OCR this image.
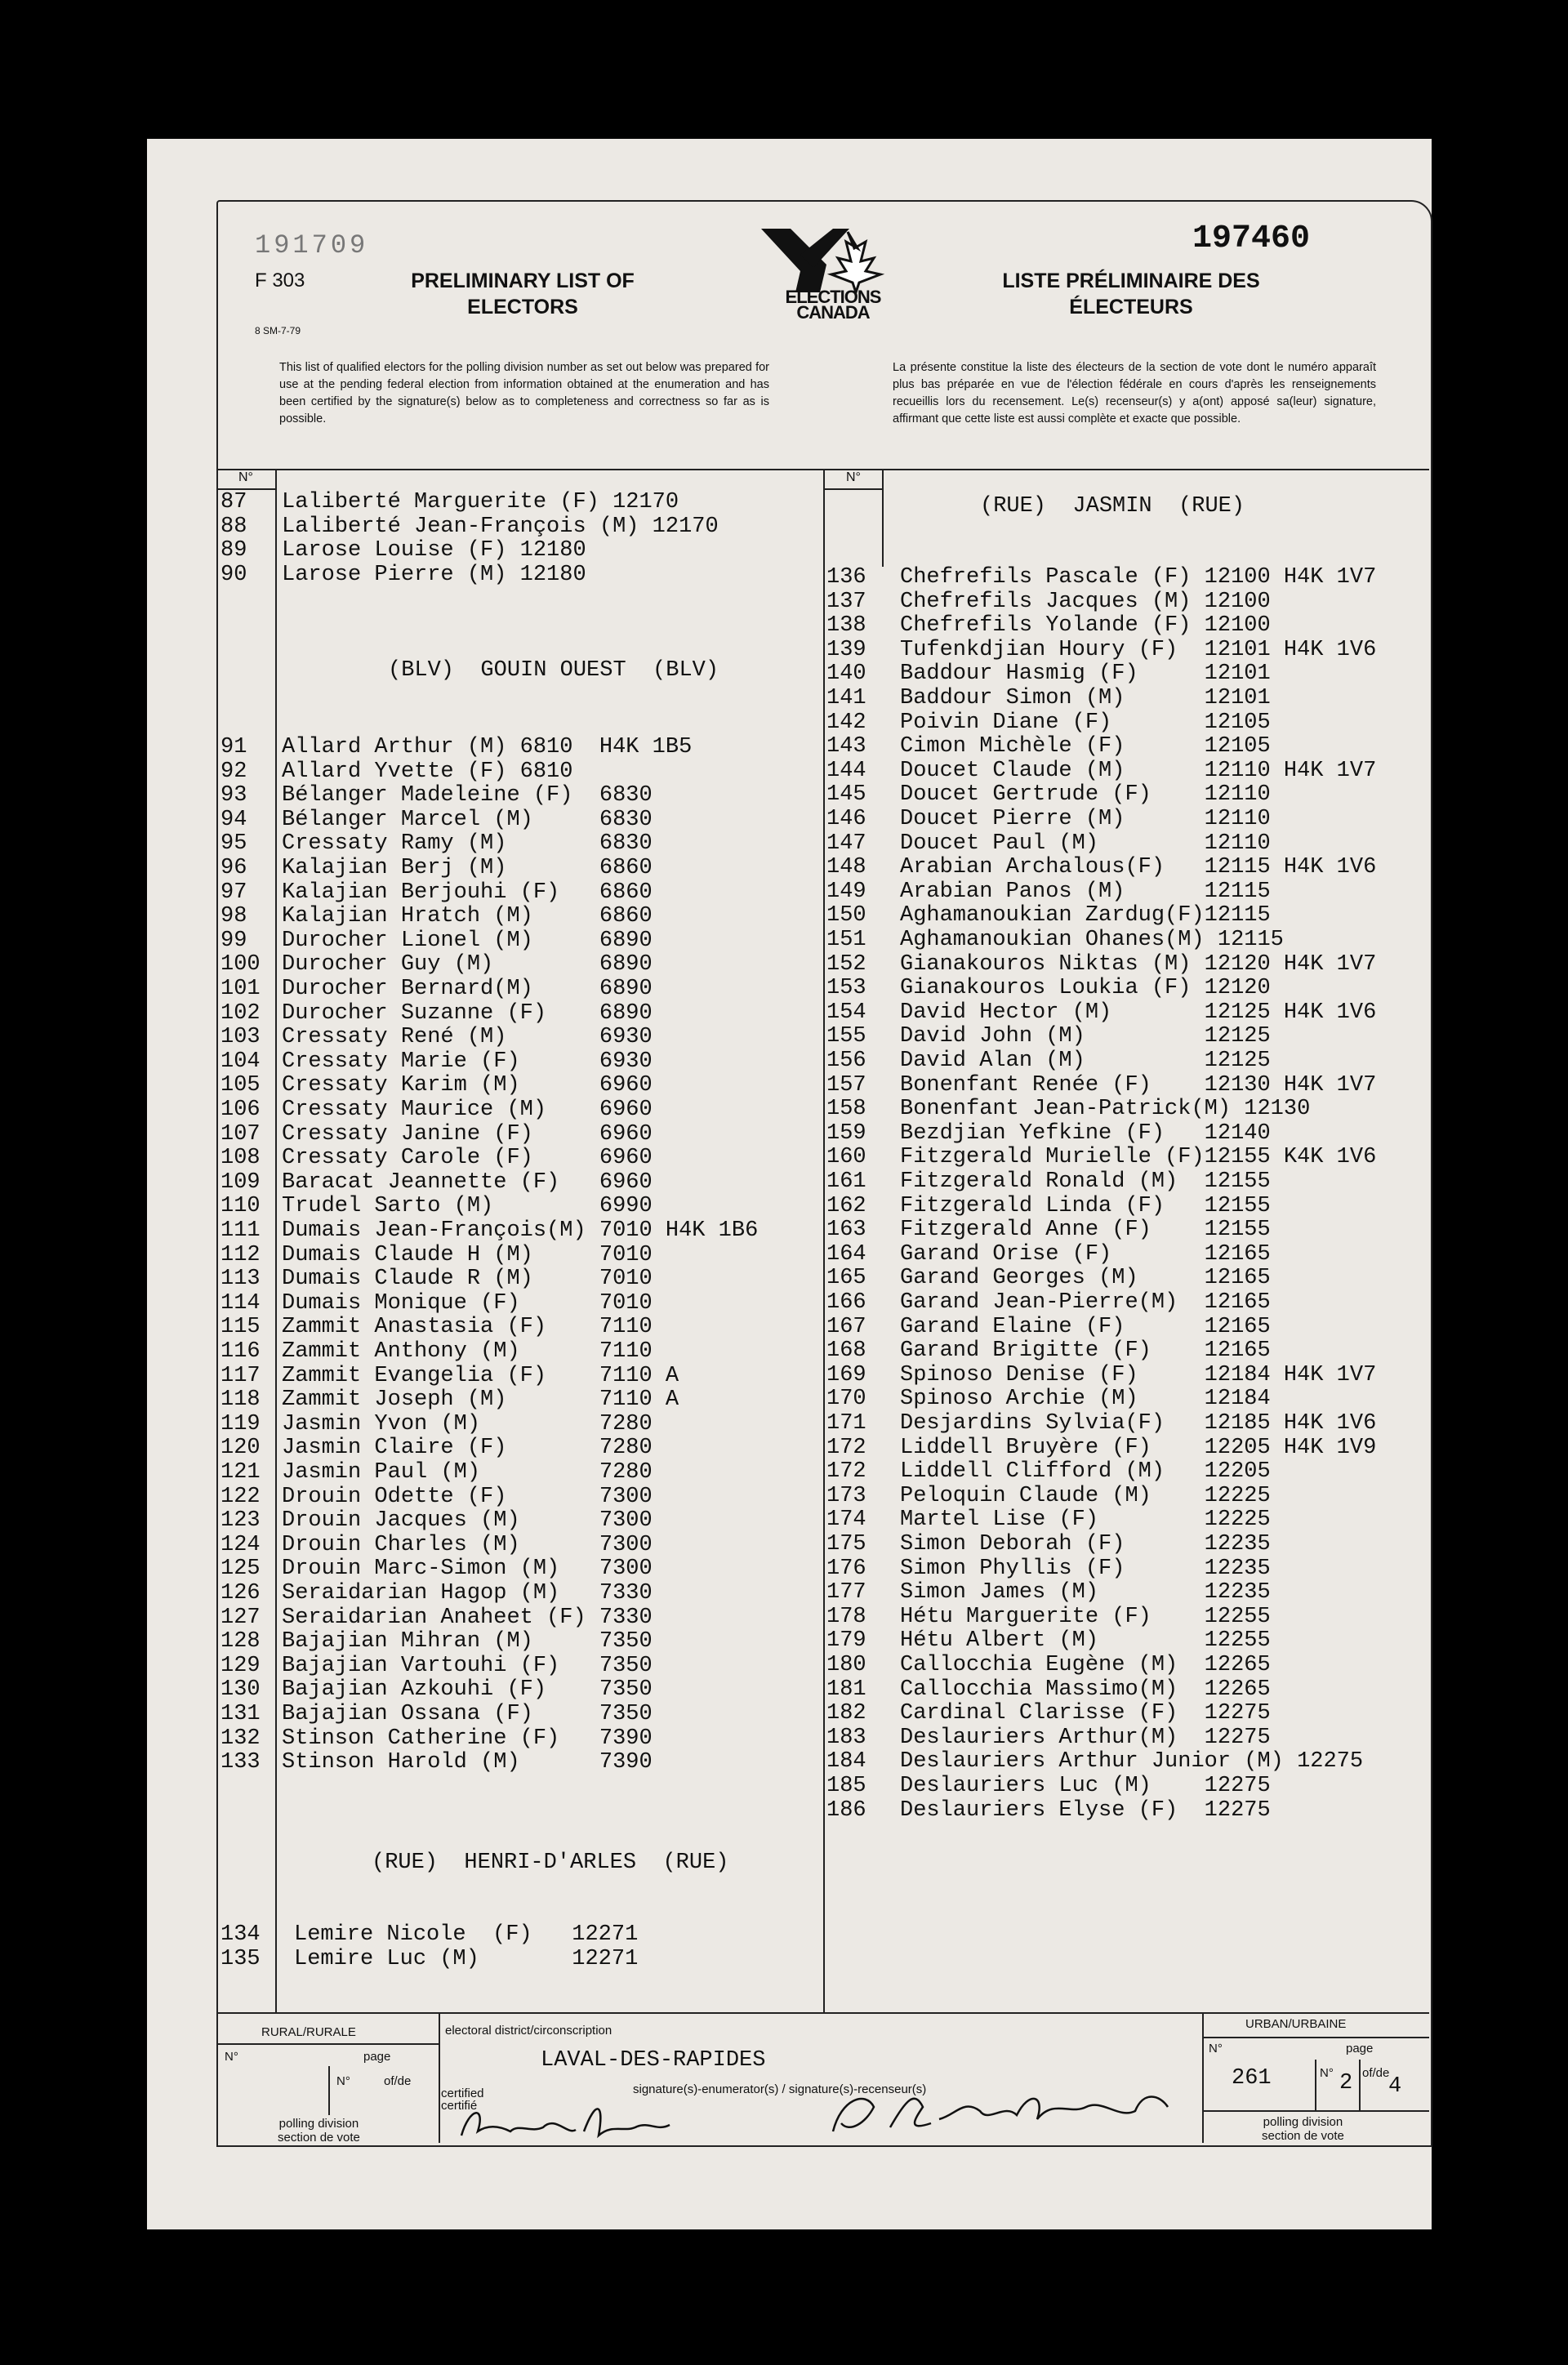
191709
F 303
8 SM-7-79
PRELIMINARY LIST OF
ELECTORS	ELECTIONS
CANADA
LISTE PRÉLIMINAIRE DES
ÉLECTEURS
197460
This list of qualified electors for the polling division number as set out below was prepared for use at the pending federal election from information obtained at the enumeration and has been certified by the signature(s) below as to completeness and correctness so far as is possible.
La présente constitue la liste des électeurs de la section de vote dont le numéro apparaît plus bas préparée en vue de l'élection fédérale en cours d'après les renseignements recueillis lors du recensement. Le(s) recenseur(s) y a(ont) apposé sa(leur) signature, affirmant que cette liste est aussi complète et exacte que possible.
N°	N°
87	Laliberté Marguerite (F) 12170
88	Laliberté Jean-François (M) 12170
89	Larose Louise (F) 12180
90	Larose Pierre (M) 12180
(BLV)  GOUIN OUEST  (BLV)
91	Allard Arthur (M) 6810  H4K 1B5
92	Allard Yvette (F) 6810
93	Bélanger Madeleine (F)  6830
94	Bélanger Marcel (M)     6830
95	Cressaty Ramy (M)       6830
96	Kalajian Berj (M)       6860
97	Kalajian Berjouhi (F)   6860
98	Kalajian Hratch (M)     6860
99	Durocher Lionel (M)     6890
100 Durocher Guy (M)        6890
101 Durocher Bernard(M)     6890
102 Durocher Suzanne (F)    6890
103 Cressaty René (M)       6930
104 Cressaty Marie (F)      6930
105 Cressaty Karim (M)      6960
106 Cressaty Maurice (M)    6960
107 Cressaty Janine (F)     6960
108 Cressaty Carole (F)     6960
109 Baracat Jeannette (F)   6960
110 Trudel Sarto (M)        6990
111 Dumais Jean-François(M) 7010 H4K 1B6
112 Dumais Claude H (M)     7010
113 Dumais Claude R (M)     7010
114 Dumais Monique (F)      7010
115 Zammit Anastasia (F)    7110
116 Zammit Anthony (M)      7110
117 Zammit Evangelia (F)    7110 A
118 Zammit Joseph (M)       7110 A
119 Jasmin Yvon (M)         7280
120 Jasmin Claire (F)       7280
121 Jasmin Paul (M)         7280
122 Drouin Odette (F)       7300
123 Drouin Jacques (M)      7300
124 Drouin Charles (M)      7300
125 Drouin Marc-Simon (M)   7300
126 Seraidarian Hagop (M)   7330
127 Seraidarian Anaheet (F) 7330
128 Bajajian Mihran (M)     7350
129 Bajajian Vartouhi (F)   7350
130 Bajajian Azkouhi (F)    7350
131 Bajajian Ossana (F)     7350
132 Stinson Catherine (F)   7390
133 Stinson Harold (M)      7390
(RUE)  HENRI-D'ARLES  (RUE)
134	Lemire Nicole  (F)   12271
135	Lemire Luc (M)       12271
(RUE)  JASMIN  (RUE)
136	Chefrefils Pascale (F) 12100 H4K 1V7
137	Chefrefils Jacques (M) 12100
138	Chefrefils Yolande (F) 12100
139	Tufenkdjian Houry (F)  12101 H4K 1V6
140	Baddour Hasmig (F)     12101
141	Baddour Simon (M)      12101
142	Poivin Diane (F)       12105
143	Cimon Michèle (F)      12105
144	Doucet Claude (M)      12110 H4K 1V7
145	Doucet Gertrude (F)    12110
146	Doucet Pierre (M)      12110
147	Doucet Paul (M)        12110
148	Arabian Archalous(F)   12115 H4K 1V6
149	Arabian Panos (M)      12115
150	Aghamanoukian Zardug(F)12115
151	Aghamanoukian Ohanes(M) 12115
152	Gianakouros Niktas (M) 12120 H4K 1V7
153	Gianakouros Loukia (F) 12120
154	David Hector (M)       12125 H4K 1V6
155	David John (M)         12125
156	David Alan (M)         12125
157	Bonenfant Renée (F)    12130 H4K 1V7
158	Bonenfant Jean-Patrick(M) 12130
159	Bezdjian Yefkine (F)   12140
160	Fitzgerald Murielle (F)12155 K4K 1V6
161	Fitzgerald Ronald (M)  12155
162	Fitzgerald Linda (F)   12155
163	Fitzgerald Anne (F)    12155
164	Garand Orise (F)       12165
165	Garand Georges (M)     12165
166	Garand Jean-Pierre(M)  12165
167	Garand Elaine (F)      12165
168	Garand Brigitte (F)    12165
169	Spinoso Denise (F)     12184 H4K 1V7
170	Spinoso Archie (M)     12184
171	Desjardins Sylvia(F)   12185 H4K 1V6
172	Liddell Bruyère (F)    12205 H4K 1V9
172	Liddell Clifford (M)   12205
173	Peloquin Claude (M)    12225
174	Martel Lise (F)        12225
175	Simon Deborah (F)      12235
176	Simon Phyllis (F)      12235
177	Simon James (M)        12235
178	Hétu Marguerite (F)    12255
179	Hétu Albert (M)        12255
180	Callocchia Eugène (M)  12265
181	Callocchia Massimo(M)  12265
182	Cardinal Clarisse (F)  12275
183	Deslauriers Arthur(M)  12275
184	Deslauriers Arthur Junior (M) 12275
185	Deslauriers Luc (M)    12275
186	Deslauriers Elyse (F)  12275
RURAL/RURALE
N°	page
N°	of/de
polling division
section de vote
electoral district/circonscription
LAVAL-DES-RAPIDES
certified
certifié
signature(s)-enumerator(s) / signature(s)-recenseur(s)
URBAN/URBAINE
N°	page
261	N° 2 of/de
4
polling division
section de vote
